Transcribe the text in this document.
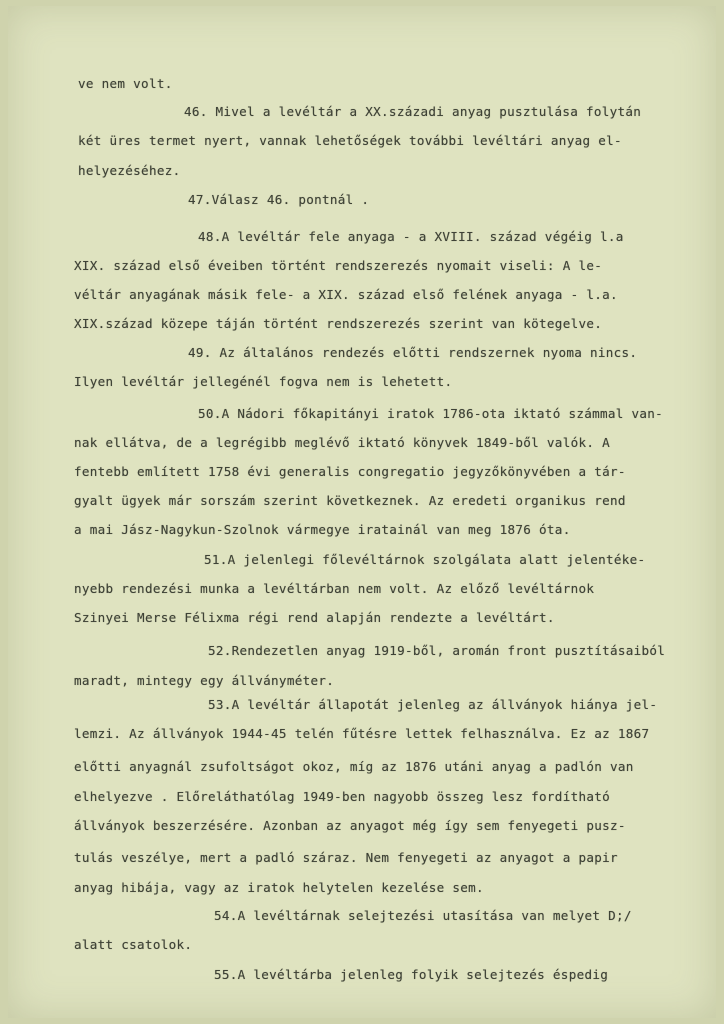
ve nem volt.
46. Mivel a levéltár a XX.századi anyag pusztulása folytán
két üres termet nyert, vannak lehetőségek további levéltári anyag el-
helyezéséhez.
47.Válasz 46. pontnál .
48.A levéltár fele anyaga - a XVIII. század végéig l.a
XIX. század első éveiben történt rendszerezés nyomait viseli: A le-
véltár anyagának másik fele- a XIX. század első felének anyaga - l.a.
XIX.század közepe táján történt rendszerezés szerint van kötegelve.
49. Az általános rendezés előtti rendszernek nyoma nincs.
Ilyen levéltár jellegénél fogva nem is lehetett.
50.A Nádori főkapitányi iratok 1786-ota iktató számmal van-
nak ellátva, de a legrégibb meglévő iktató könyvek 1849-ből valók. A
fentebb említett 1758 évi generalis congregatio jegyzőkönyvében a tár-
gyalt ügyek már sorszám szerint következnek. Az eredeti organikus rend
a mai Jász-Nagykun-Szolnok vármegye iratainál van meg 1876 óta.
51.A jelenlegi főlevéltárnok szolgálata alatt jelentéke-
nyebb rendezési munka a levéltárban nem volt. Az előző levéltárnok
Szinyei Merse Félixma régi rend alapján rendezte a levéltárt.
52.Rendezetlen anyag 1919-ből, aromán front pusztításaiból
maradt, mintegy egy állványméter.
53.A levéltár állapotát jelenleg az állványok hiánya jel-
lemzi. Az állványok 1944-45 telén fűtésre lettek felhasználva. Ez az 1867
előtti anyagnál zsufoltságot okoz, míg az 1876 utáni anyag a padlón van
elhelyezve . Előreláthatólag 1949-ben nagyobb összeg lesz fordítható
állványok beszerzésére. Azonban az anyagot még így sem fenyegeti pusz-
tulás veszélye, mert a padló száraz. Nem fenyegeti az anyagot a papir
anyag hibája, vagy az iratok helytelen kezelése sem.
54.A levéltárnak selejtezési utasítása van melyet D;/
alatt csatolok.
55.A levéltárba jelenleg folyik selejtezés éspedig
